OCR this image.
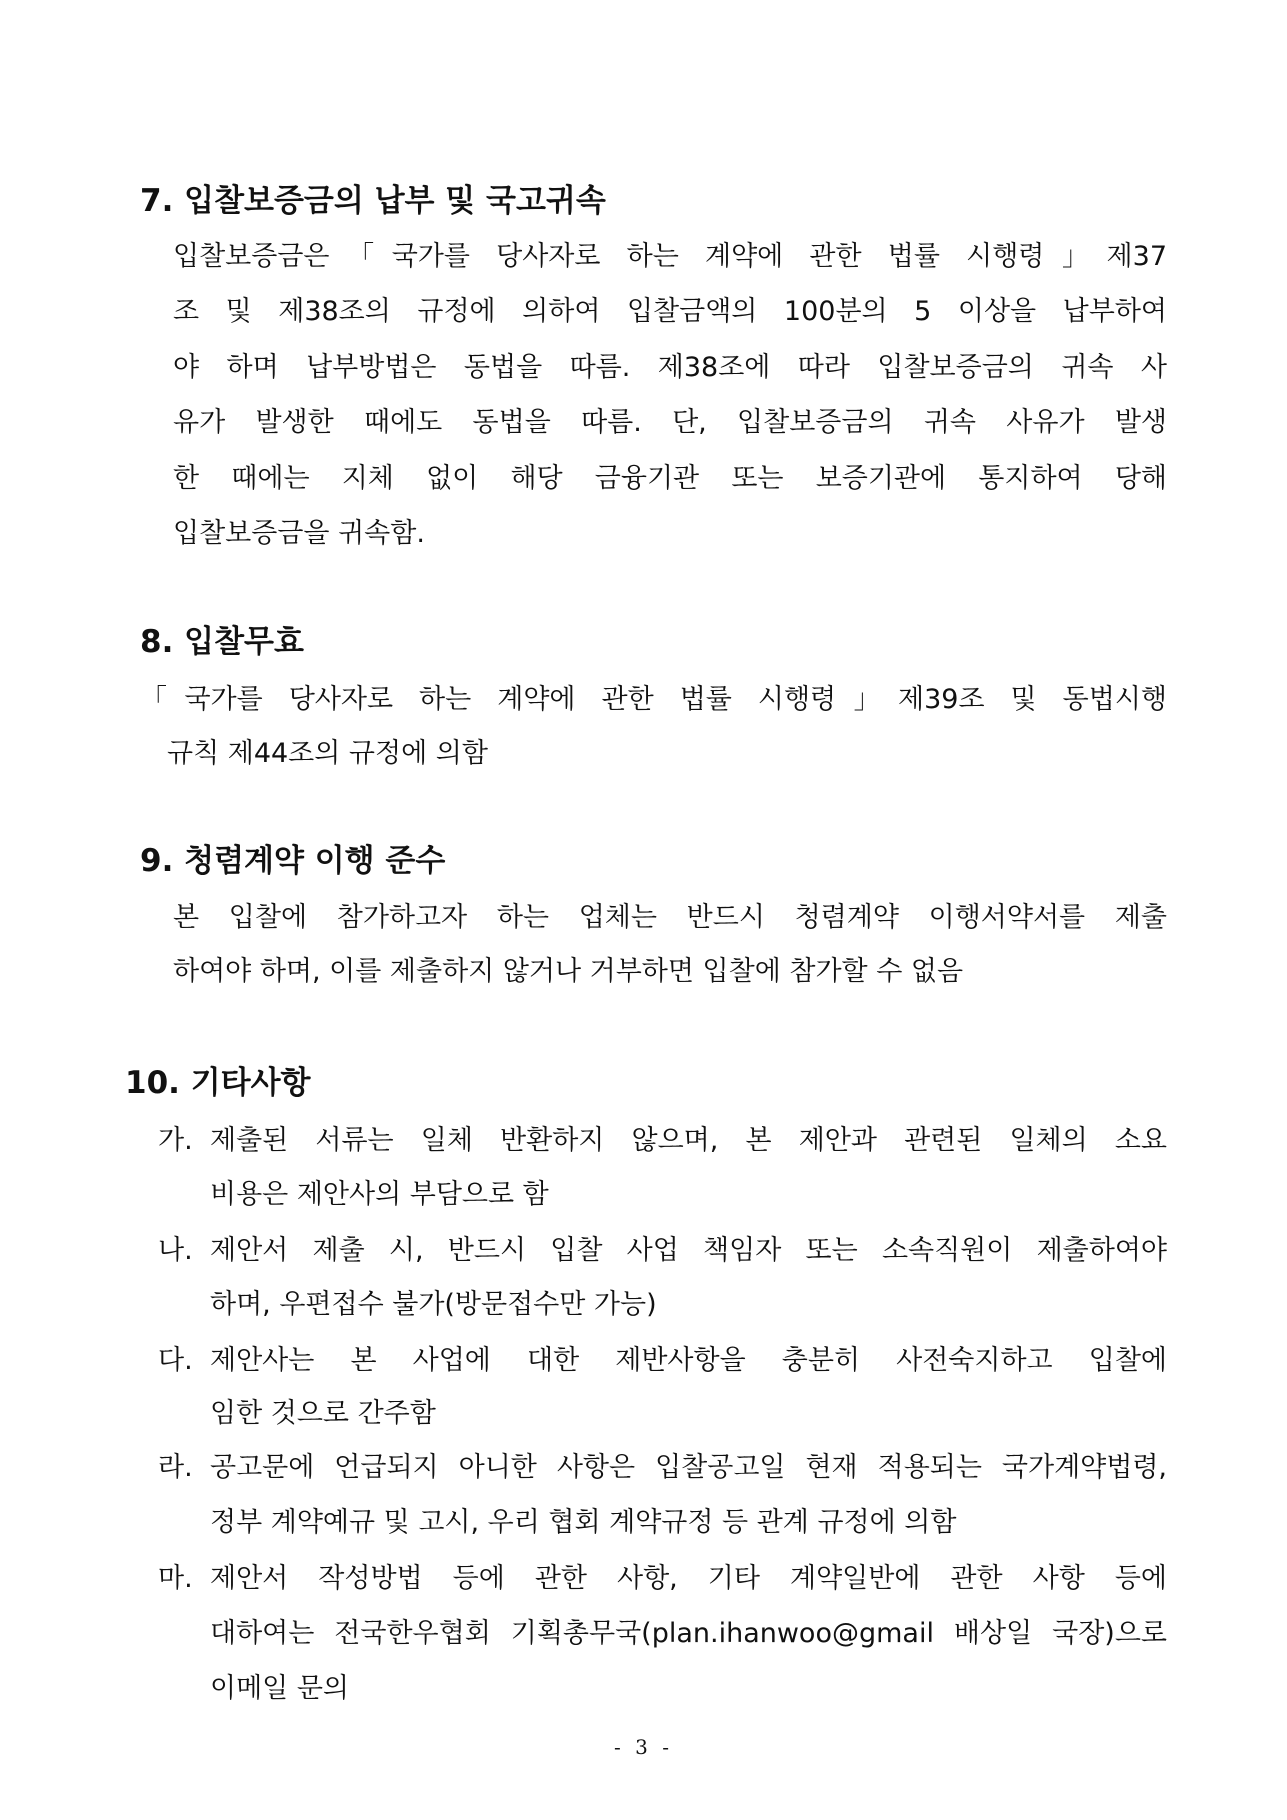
7. 입찰보증금의 납부 및 국고귀속
입찰보증금은「국가를 당사자로 하는 계약에 관한 법률 시행령」제37
조 및 제38조의 규정에 의하여 입찰금액의 100분의 5 이상을 납부하여
야 하며 납부방법은 동법을 따름. 제38조에 따라 입찰보증금의 귀속 사
유가 발생한 때에도 동법을 따름. 단, 입찰보증금의 귀속 사유가 발생
한 때에는 지체 없이 해당 금융기관 또는 보증기관에 통지하여 당해
입찰보증금을 귀속함.
8. 입찰무효
「국가를 당사자로 하는 계약에 관한 법률 시행령」제39조 및 동법시행
규칙 제44조의 규정에 의함
9. 청렴계약 이행 준수
본 입찰에 참가하고자 하는 업체는 반드시 청렴계약 이행서약서를 제출
하여야 하며, 이를 제출하지 않거나 거부하면 입찰에 참가할 수 없음
10. 기타사항
가. 제출된 서류는 일체 반환하지 않으며, 본 제안과 관련된 일체의 소요
비용은 제안사의 부담으로 함
나. 제안서 제출 시, 반드시 입찰 사업 책임자 또는 소속직원이 제출하여야
하며, 우편접수 불가(방문접수만 가능)
다. 제안사는 본 사업에 대한 제반사항을 충분히 사전숙지하고 입찰에
임한 것으로 간주함
라. 공고문에 언급되지 아니한 사항은 입찰공고일 현재 적용되는 국가계약법령,
정부 계약예규 및 고시, 우리 협회 계약규정 등 관계 규정에 의함
마. 제안서 작성방법 등에 관한 사항, 기타 계약일반에 관한 사항 등에
대하여는 전국한우협회 기획총무국(plan.ihanwoo@gmail 배상일 국장)으로
이메일 문의
- 3 -
